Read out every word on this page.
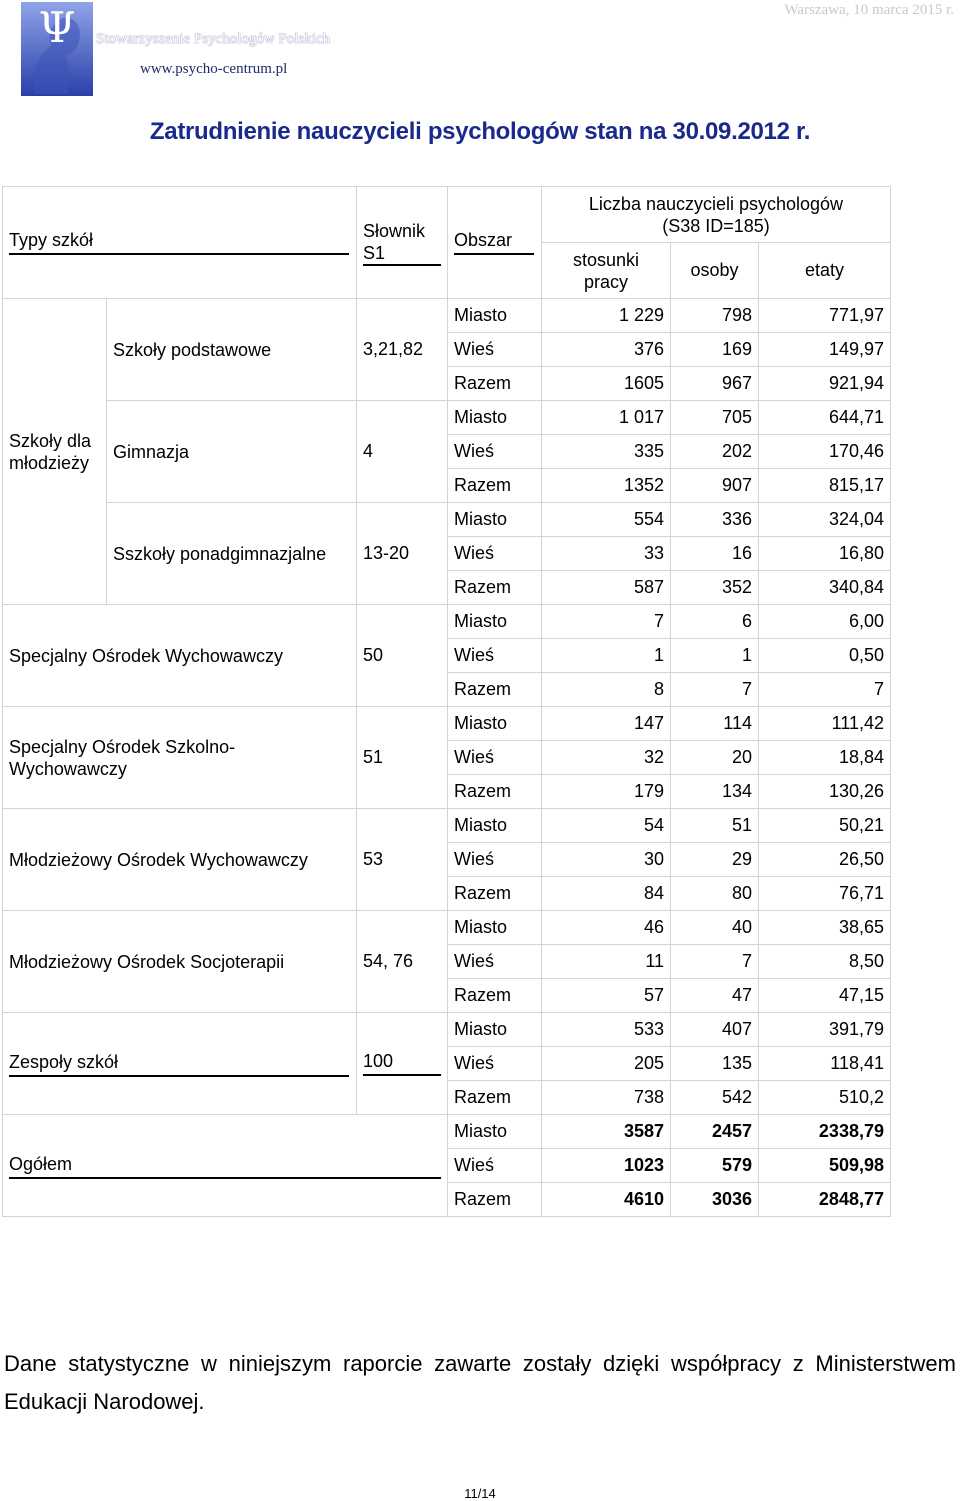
Ψ Stowarzyszenie Psychologów Polskich
www.psycho-centrum.pl
Warszawa, 10 marca 2015 r.
Zatrudnienie nauczycieli psychologów stan na 30.09.2012 r.
Typy szkół		Słownik S1	Obszar	Liczba nauczycieli psychologów (S38 ID=185)		
				stosunki pracy	osoby	etaty
Szkoły dla młodzieży	Szkoły podstawowe	3,21,82	Miasto	1 229	798	771,97
			Wieś	376	169	149,97
			Razem	1605	967	921,94
	Gimnazja	4	Miasto	1 017	705	644,71
			Wieś	335	202	170,46
			Razem	1352	907	815,17
	Sszkoły ponadgimnazjalne	13-20	Miasto	554	336	324,04
			Wieś	33	16	16,80
			Razem	587	352	340,84
Specjalny Ośrodek Wychowawczy		50	Miasto	7	6	6,00
			Wieś	1	1	0,50
			Razem	8	7	7
Specjalny Ośrodek Szkolno-Wychowawczy		51	Miasto	147	114	111,42
			Wieś	32	20	18,84
			Razem	179	134	130,26
Młodzieżowy Ośrodek Wychowawczy		53	Miasto	54	51	50,21
			Wieś	30	29	26,50
			Razem	84	80	76,71
Młodzieżowy Ośrodek Socjoterapii		54, 76	Miasto	46	40	38,65
			Wieś	11	7	8,50
			Razem	57	47	47,15

Zespoły szkół		100	Miasto	533	407	391,79
			Wieś	205	135	118,41
			Razem	738	542	510,2

Ogółem			Miasto	3587	2457	2338,79
			Wieś	1023	579	509,98
			Razem	4610	3036	2848,77
Dane statystyczne w niniejszym raporcie zawarte zostały dzięki współpracy z Ministerstwem Edukacji Narodowej.
11/14
